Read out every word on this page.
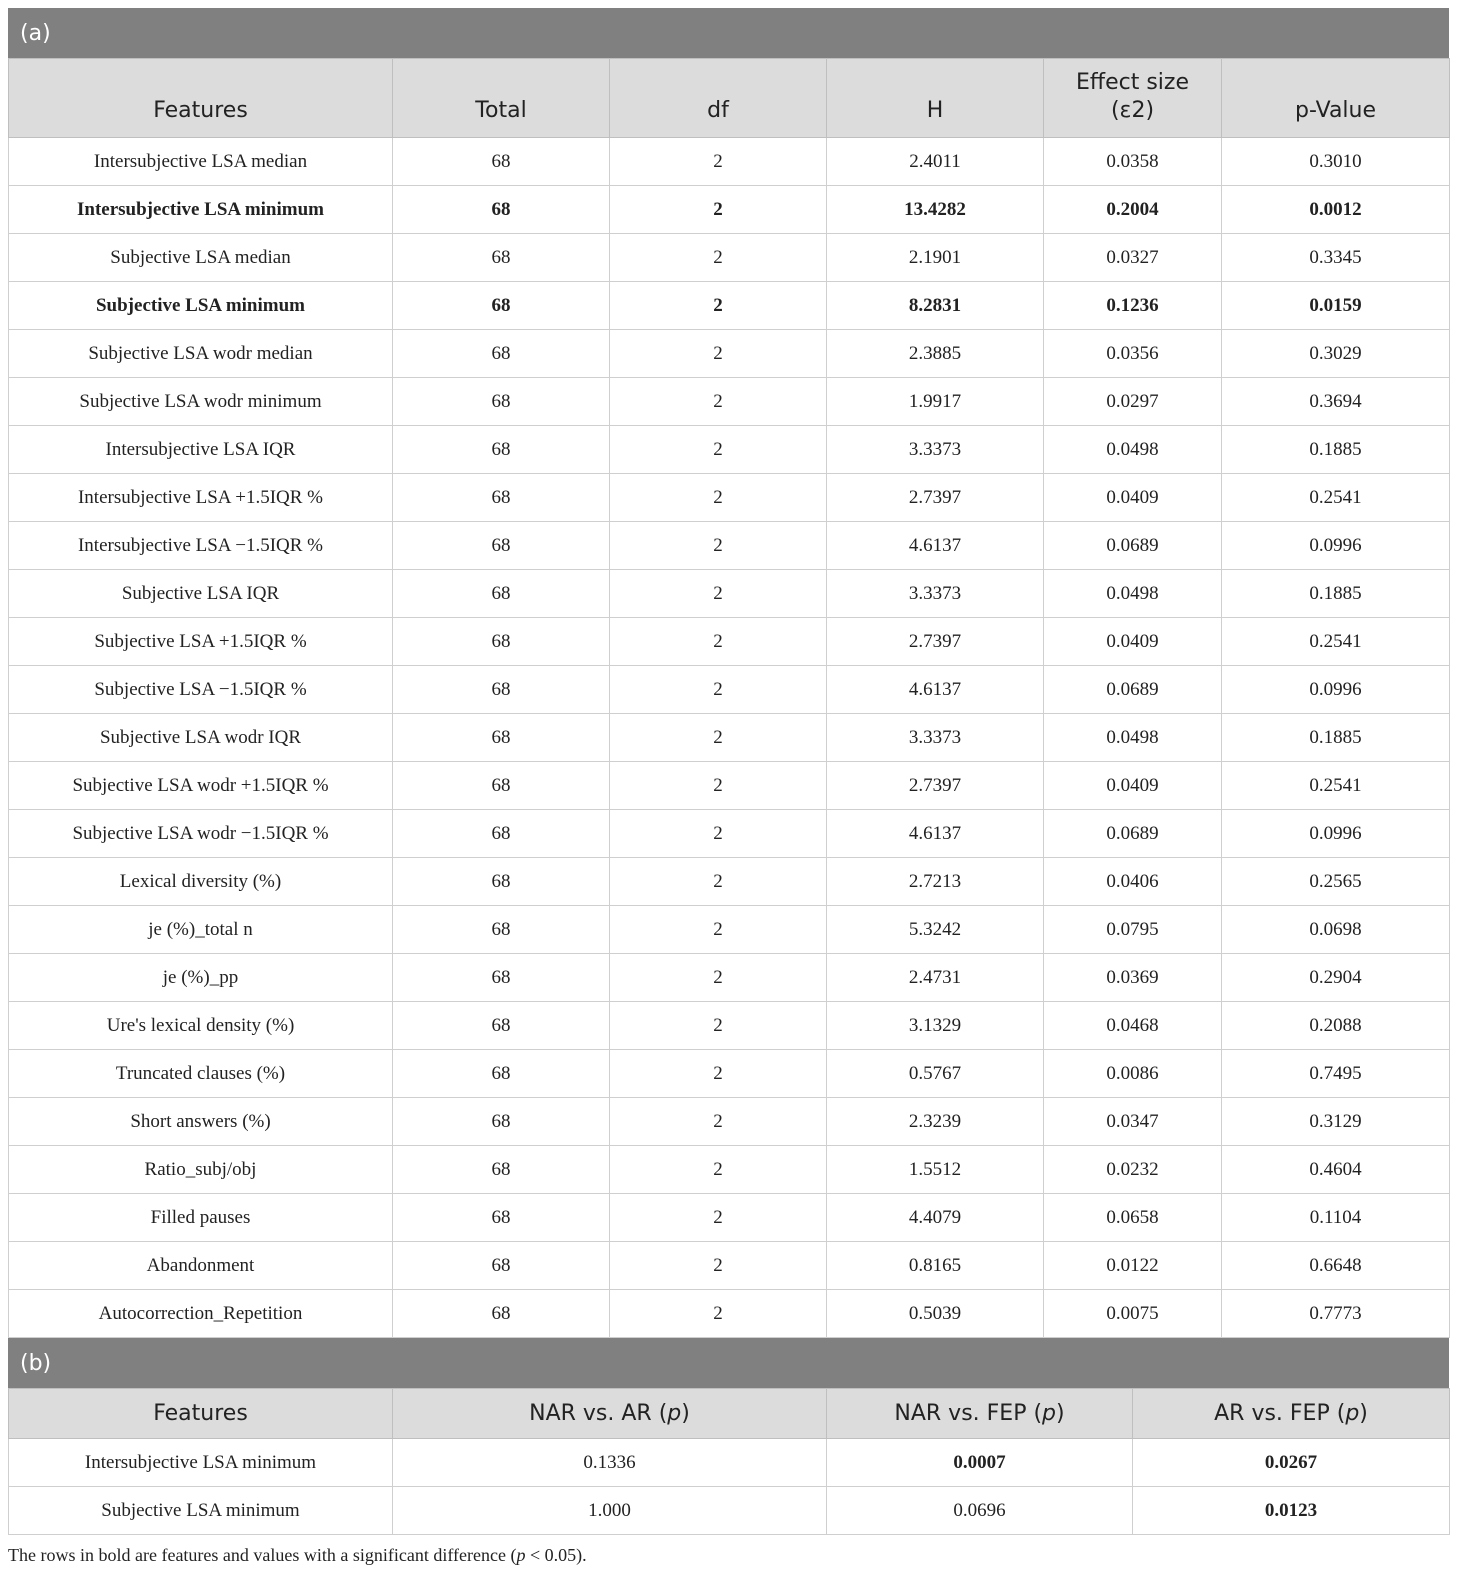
(a)
Features	Total	df	H	Effect size (ε2)	p-Value
Intersubjective LSA median	68	2	2.4011	0.0358	0.3010
Intersubjective LSA minimum	68	2	13.4282	0.2004	0.0012
Subjective LSA median	68	2	2.1901	0.0327	0.3345
Subjective LSA minimum	68	2	8.2831	0.1236	0.0159
Subjective LSA wodr median	68	2	2.3885	0.0356	0.3029
Subjective LSA wodr minimum	68	2	1.9917	0.0297	0.3694
Intersubjective LSA IQR	68	2	3.3373	0.0498	0.1885
Intersubjective LSA +1.5IQR %	68	2	2.7397	0.0409	0.2541
Intersubjective LSA −1.5IQR %	68	2	4.6137	0.0689	0.0996
Subjective LSA IQR	68	2	3.3373	0.0498	0.1885
Subjective LSA +1.5IQR %	68	2	2.7397	0.0409	0.2541
Subjective LSA −1.5IQR %	68	2	4.6137	0.0689	0.0996
Subjective LSA wodr IQR	68	2	3.3373	0.0498	0.1885
Subjective LSA wodr +1.5IQR %	68	2	2.7397	0.0409	0.2541
Subjective LSA wodr −1.5IQR %	68	2	4.6137	0.0689	0.0996
Lexical diversity (%)	68	2	2.7213	0.0406	0.2565
je (%)_total n	68	2	5.3242	0.0795	0.0698
je (%)_pp	68	2	2.4731	0.0369	0.2904
Ure's lexical density (%)	68	2	3.1329	0.0468	0.2088
Truncated clauses (%)	68	2	0.5767	0.0086	0.7495
Short answers (%)	68	2	2.3239	0.0347	0.3129
Ratio_subj/obj	68	2	1.5512	0.0232	0.4604
Filled pauses	68	2	4.4079	0.0658	0.1104
Abandonment	68	2	0.8165	0.0122	0.6648
Autocorrection_Repetition	68	2	0.5039	0.0075	0.7773
(b)
Features	NAR vs. AR (p)	NAR vs. FEP (p)	AR vs. FEP (p)
Intersubjective LSA minimum	0.1336	0.0007	0.0267
Subjective LSA minimum	1.000	0.0696	0.0123
The rows in bold are features and values with a significant difference (p < 0.05).
